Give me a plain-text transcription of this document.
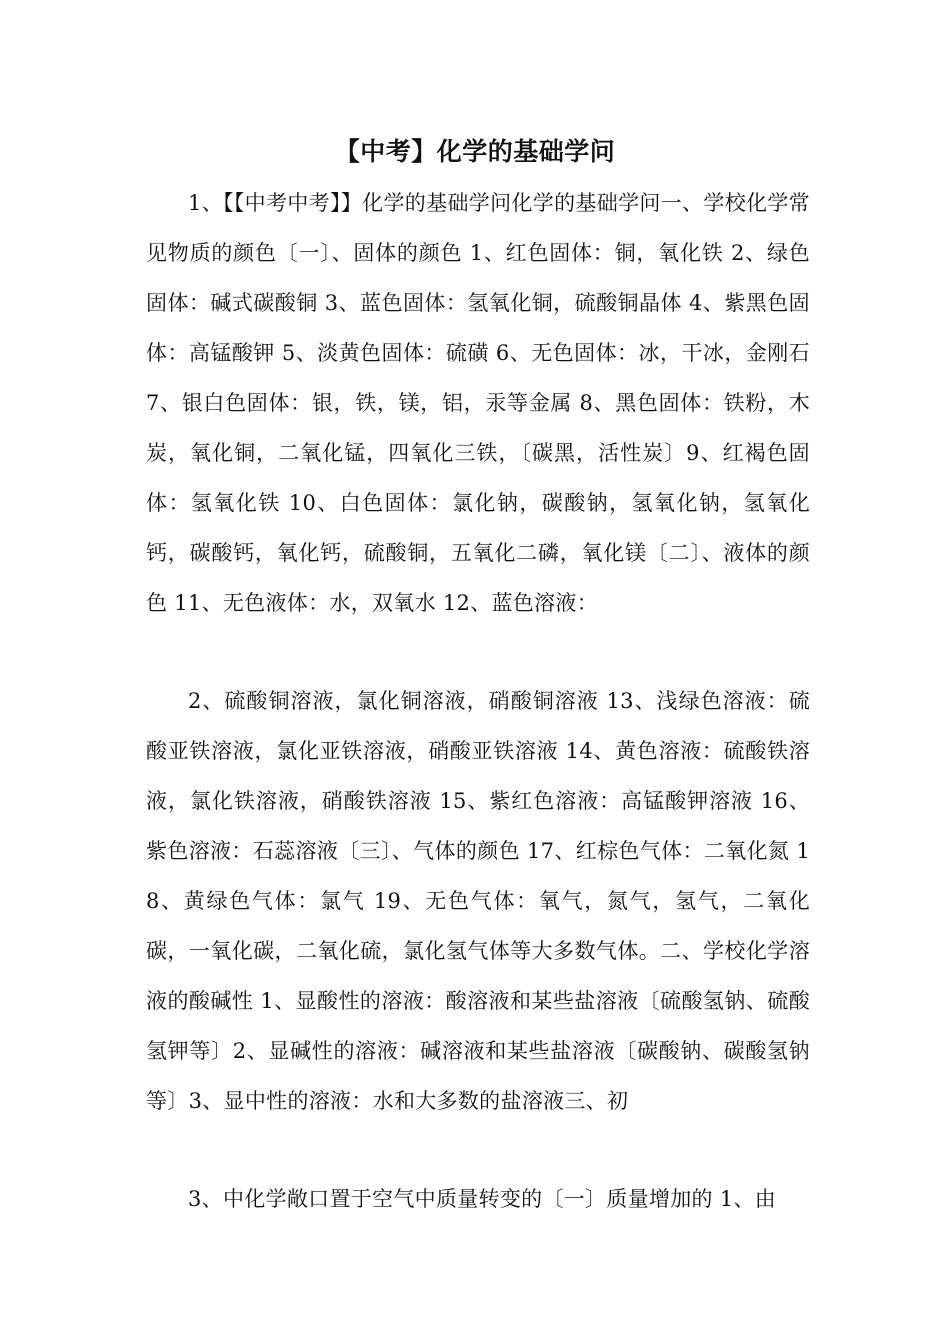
【中考】化学的基础学问

1、【【中考中考】】化学的基础学问化学的基础学问一、学校化学常见物质的颜色〔一〕、固体的颜色 1、红色固体：铜，氧化铁 2、绿色固体：碱式碳酸铜 3、蓝色固体：氢氧化铜，硫酸铜晶体 4、紫黑色固体：高锰酸钾 5、淡黄色固体：硫磺 6、无色固体：冰，干冰，金刚石 7、银白色固体：银，铁，镁，铝，汞等金属 8、黑色固体：铁粉，木炭，氧化铜，二氧化锰，四氧化三铁，〔碳黑，活性炭〕9、红褐色固体：氢氧化铁 10、白色固体：氯化钠，碳酸钠，氢氧化钠，氢氧化钙，碳酸钙，氧化钙，硫酸铜，五氧化二磷，氧化镁〔二〕、液体的颜色 11、无色液体：水，双氧水 12、蓝色溶液：

2、硫酸铜溶液，氯化铜溶液，硝酸铜溶液 13、浅绿色溶液：硫酸亚铁溶液，氯化亚铁溶液，硝酸亚铁溶液 14、黄色溶液：硫酸铁溶液，氯化铁溶液，硝酸铁溶液 15、紫红色溶液：高锰酸钾溶液 16、紫色溶液：石蕊溶液〔三〕、气体的颜色 17、红棕色气体：二氧化氮 18、黄绿色气体：氯气 19、无色气体：氧气，氮气，氢气，二氧化碳，一氧化碳，二氧化硫，氯化氢气体等大多数气体。二、学校化学溶液的酸碱性 1、显酸性的溶液：酸溶液和某些盐溶液〔硫酸氢钠、硫酸氢钾等〕2、显碱性的溶液：碱溶液和某些盐溶液〔碳酸钠、碳酸氢钠等〕3、显中性的溶液：水和大多数的盐溶液三、初

3、中化学敞口置于空气中质量转变的〔一〕质量增加的 1、由
